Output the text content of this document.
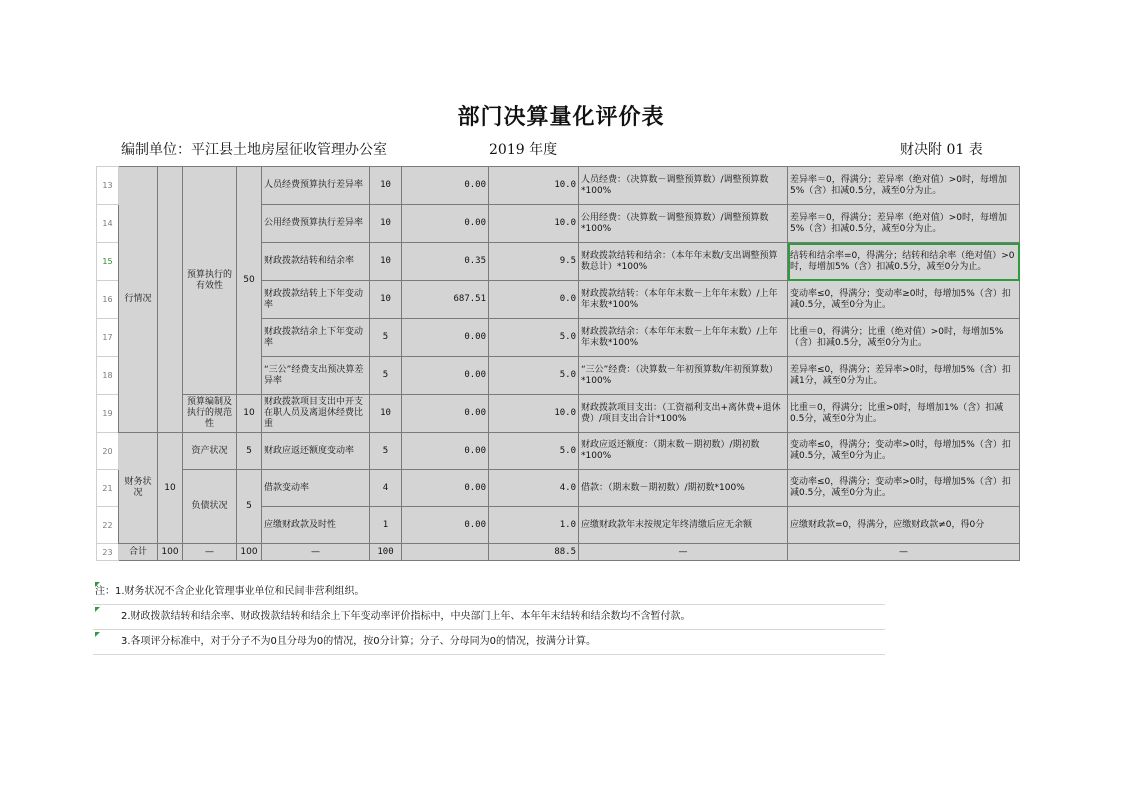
部门决算量化评价表
编制单位：平江县土地房屋征收管理办公室	2019 年度	财决附 01 表
13	行情况		预算执行的有效性	50	人员经费预算执行差异率	10	0.00	10.0	人员经费：（决算数－调整预算数）/调整预算数*100%	差异率＝0，得满分；差异率（绝对值）>0时，每增加5%（含）扣减0.5分，减至0分为止。
14					公用经费预算执行差异率	10	0.00	10.0	公用经费：（决算数－调整预算数）/调整预算数*100%	差异率＝0，得满分；差异率（绝对值）>0时，每增加5%（含）扣减0.5分，减至0分为止。
15					财政拨款结转和结余率	10	0.35	9.5	财政拨款结转和结余：（本年年末数/支出调整预算数总计）*100%	结转和结余率=0，得满分；结转和结余率（绝对值）>0时，每增加5%（含）扣减0.5分，减至0分为止。
16					财政拨款结转上下年变动率	10	687.51	0.0	财政拨款结转：（本年年末数－上年年末数）/上年年末数*100%	变动率≤0，得满分；变动率≥0时，每增加5%（含）扣减0.5分，减至0分为止。
17					财政拨款结余上下年变动率	5	0.00	5.0	财政拨款结余：（本年年末数－上年年末数）/上年年末数*100%	比重＝0，得满分；比重（绝对值）>0时，每增加5%（含）扣减0.5分，减至0分为止。
18					“三公”经费支出预决算差异率	5	0.00	5.0	“三公”经费：（决算数－年初预算数/年初预算数）*100%	差异率≤0，得满分；差异率>0时，每增加5%（含）扣减1分，减至0分为止。
19			预算编制及执行的规范性	10	财政拨款项目支出中开支在职人员及离退休经费比重	10	0.00	10.0	财政拨款项目支出：（工资福利支出+离休费+退休费）/项目支出合计*100%	比重＝0，得满分；比重>0时，每增加1%（含）扣减0.5分，减至0分为止。
20	财务状况	10	资产状况	5	财政应返还额度变动率	5	0.00	5.0	财政应返还额度：（期末数－期初数）/期初数*100%	变动率≤0，得满分；变动率>0时，每增加5%（含）扣减0.5分，减至0分为止。
21			负债状况	5	借款变动率	4	0.00	4.0	借款：（期末数－期初数）/期初数*100%	变动率≤0，得满分；变动率>0时，每增加5%（含）扣减0.5分，减至0分为止。
22					应缴财政款及时性	1	0.00	1.0	应缴财政款年末按规定年终清缴后应无余额	应缴财政款=0，得满分，应缴财政款≠0，得0分
23	合计	100	—	100	—	100		88.5	—	—
注：1.财务状况不含企业化管理事业单位和民间非营利组织。
2.财政拨款结转和结余率、财政拨款结转和结余上下年变动率评价指标中，中央部门上年、本年年末结转和结余数均不含暂付款。
3.各项评分标准中，对于分子不为0且分母为0的情况，按0分计算；分子、分母同为0的情况，按满分计算。
